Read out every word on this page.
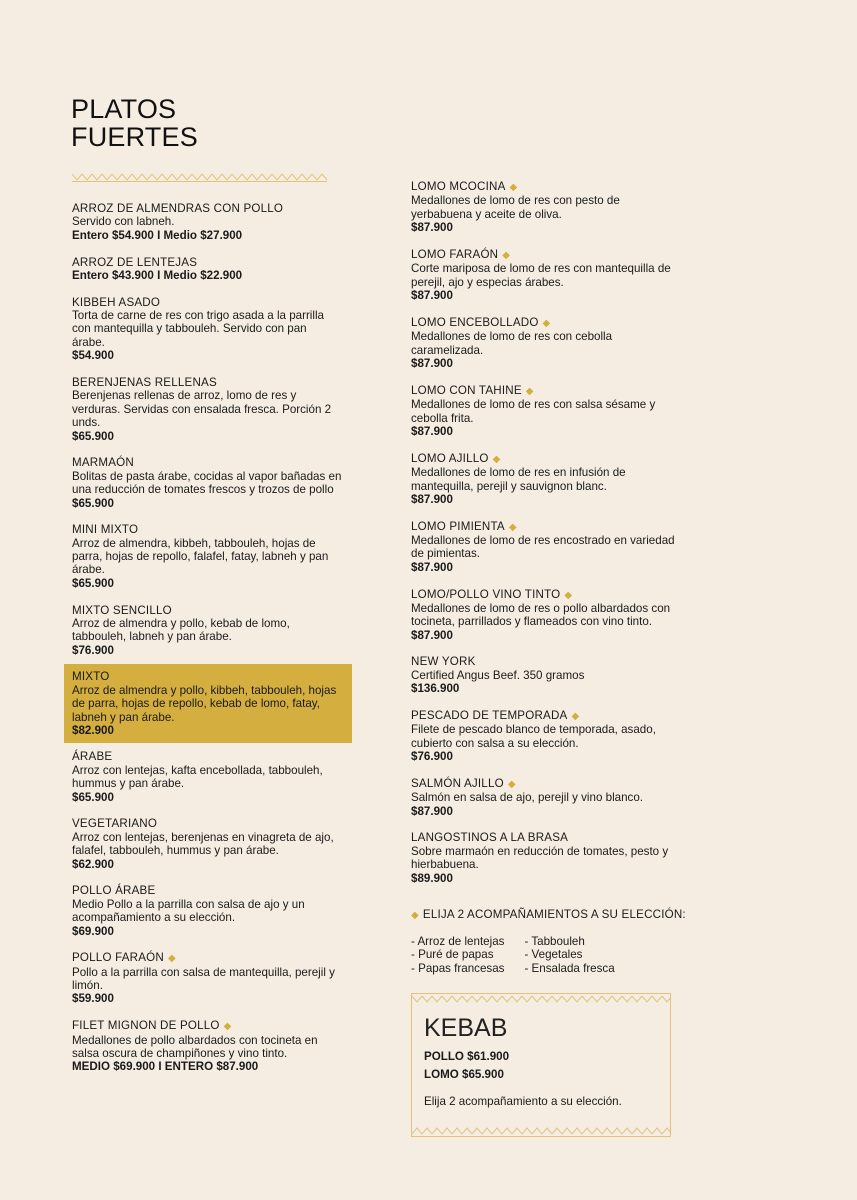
PLATOS
FUERTES
ARROZ DE ALMENDRAS CON POLLO
Servido con labneh.
Entero $54.900 I Medio $27.900
ARROZ DE LENTEJAS
Entero $43.900 I Medio $22.900
KIBBEH ASADO
Torta de carne de res con trigo asada a la parrilla con mantequilla y tabbouleh. Servido con pan árabe.
$54.900
BERENJENAS RELLENAS
Berenjenas rellenas de arroz, lomo de res y verduras. Servidas con ensalada fresca. Porción 2 unds.
$65.900
MARMAÓN
Bolitas de pasta árabe, cocidas al vapor bañadas en una reducción de tomates frescos y trozos de pollo
$65.900
MINI MIXTO
Arroz de almendra, kibbeh, tabbouleh, hojas de parra, hojas de repollo, falafel, fatay, labneh y pan árabe.
$65.900
MIXTO SENCILLO
Arroz de almendra y pollo, kebab de lomo, tabbouleh, labneh y pan árabe.
$76.900
MIXTO
Arroz de almendra y pollo, kibbeh, tabbouleh, hojas de parra, hojas de repollo, kebab de lomo, fatay, labneh y pan árabe.
$82.900
ÁRABE
Arroz con lentejas, kafta encebollada, tabbouleh, hummus y pan árabe.
$65.900
VEGETARIANO
Arroz con lentejas, berenjenas en vinagreta de ajo, falafel, tabbouleh, hummus y pan árabe.
$62.900
POLLO ÁRABE
Medio Pollo a la parrilla con salsa de ajo y un acompañamiento a su elección.
$69.900
POLLO FARAÓN ◆
Pollo a la parrilla con salsa de mantequilla, perejil y limón.
$59.900
FILET MIGNON DE POLLO ◆
Medallones de pollo albardados con tocineta en salsa oscura de champiñones y vino tinto.
MEDIO $69.900 I ENTERO $87.900
LOMO MCOCINA ◆
Medallones de lomo de res con pesto de yerbabuena y aceite de oliva.
$87.900
LOMO FARAÓN ◆
Corte mariposa de lomo de res con mantequilla de perejil, ajo y especias árabes.
$87.900
LOMO ENCEBOLLADO ◆
Medallones de lomo de res con cebolla caramelizada.
$87.900
LOMO CON TAHINE ◆
Medallones de lomo de res con salsa sésame y cebolla frita.
$87.900
LOMO AJILLO ◆
Medallones de lomo de res en infusión de mantequilla, perejil y sauvignon blanc.
$87.900
LOMO PIMIENTA ◆
Medallones de lomo de res encostrado en variedad de pimientas.
$87.900
LOMO/POLLO VINO TINTO ◆
Medallones de lomo de res o pollo albardados con tocineta, parrillados y flameados con vino tinto.
$87.900
NEW YORK
Certified Angus Beef. 350 gramos
$136.900
PESCADO DE TEMPORADA ◆
Filete de pescado blanco de temporada, asado, cubierto con salsa a su elección.
$76.900
SALMÓN AJILLO ◆
Salmón en salsa de ajo, perejil y vino blanco.
$87.900
LANGOSTINOS A LA BRASA
Sobre marmaón en reducción de tomates, pesto y hierbabuena.
$89.900
◆ ELIJA 2 ACOMPAÑAMIENTOS A SU ELECCIÓN:
- Arroz de lentejas
- Puré de papas
- Papas francesas
- Tabbouleh
- Vegetales
- Ensalada fresca
KEBAB
POLLO $61.900
LOMO $65.900
Elija 2 acompañamiento a su elección.
